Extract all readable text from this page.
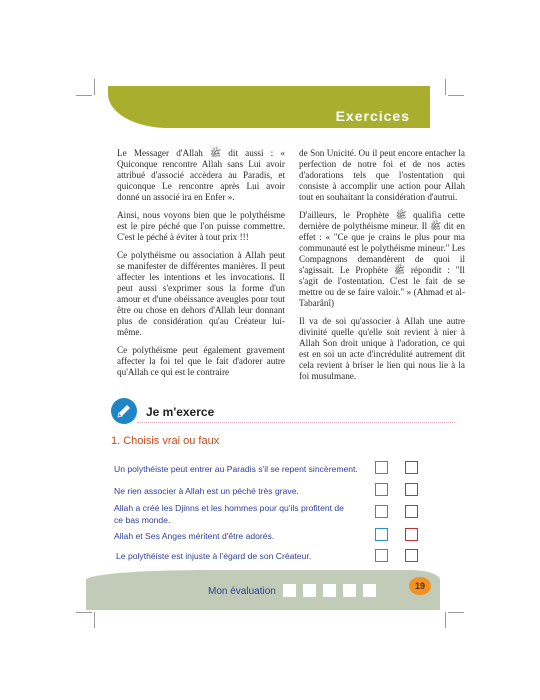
Exercices

Le Messager d'Allah ﷺ dit aussi : « Quiconque rencontre Allah sans Lui avoir attribué d'associé accèdera au Paradis, et quiconque Le rencontre après Lui avoir donné un associé ira en Enfer ».

Ainsi, nous voyons bien que le polythéisme est le pire péché que l'on puisse commettre. C'est le péché à éviter à tout prix !!!

Ce polythéisme ou association à Allah peut se manifester de différentes manières. Il peut affecter les intentions et les invocations. Il peut aussi s'exprimer sous la forme d'un amour et d'une obéissance aveugles pour tout être ou chose en dehors d'Allah leur donnant plus de considération qu'au Créateur lui-même.

Ce polythéisme peut également gravement affecter la foi tel que le fait d'adorer autre qu'Allah ce qui est le contraire

de Son Unicité. Ou il peut encore entacher la perfection de notre foi et de nos actes d'adorations tels que l'ostentation qui consiste à accomplir une action pour Allah tout en souhaitant la considération d'autrui.

D'ailleurs, le Prophète ﷺ qualifia cette dernière de polythéisme mineur. Il ﷺ dit en effet : « "Ce que je crains le plus pour ma communauté est le polythéisme mineur." Les Compagnons demandèrent de quoi il s'agissait. Le Prophète ﷺ répondit : "Il s'agit de l'ostentation. C'est le fait de se mettre ou de se faire valoir." » (Ahmad et al-Tabarânî)

Il va de soi qu'associer à Allah une autre divinité quelle qu'elle soit revient à nier à Allah Son droit unique à l'adoration, ce qui est en soi un acte d'incrédulité autrement dit cela revient à briser le lien qui nous lie à la foi musulmane.

Je m'exerce
1. Choisis vrai ou faux
Un polythéiste peut entrer au Paradis s'il se repent sincèrement.
Ne rien associer à Allah est un péché très grave.
Allah a créé les Djinns et les hommes pour qu'ils profitent de ce bas monde.
Allah et Ses Anges méritent d'être adorés.
Le polythéiste est injuste à l'égard de son Créateur.
Mon évaluation	19
